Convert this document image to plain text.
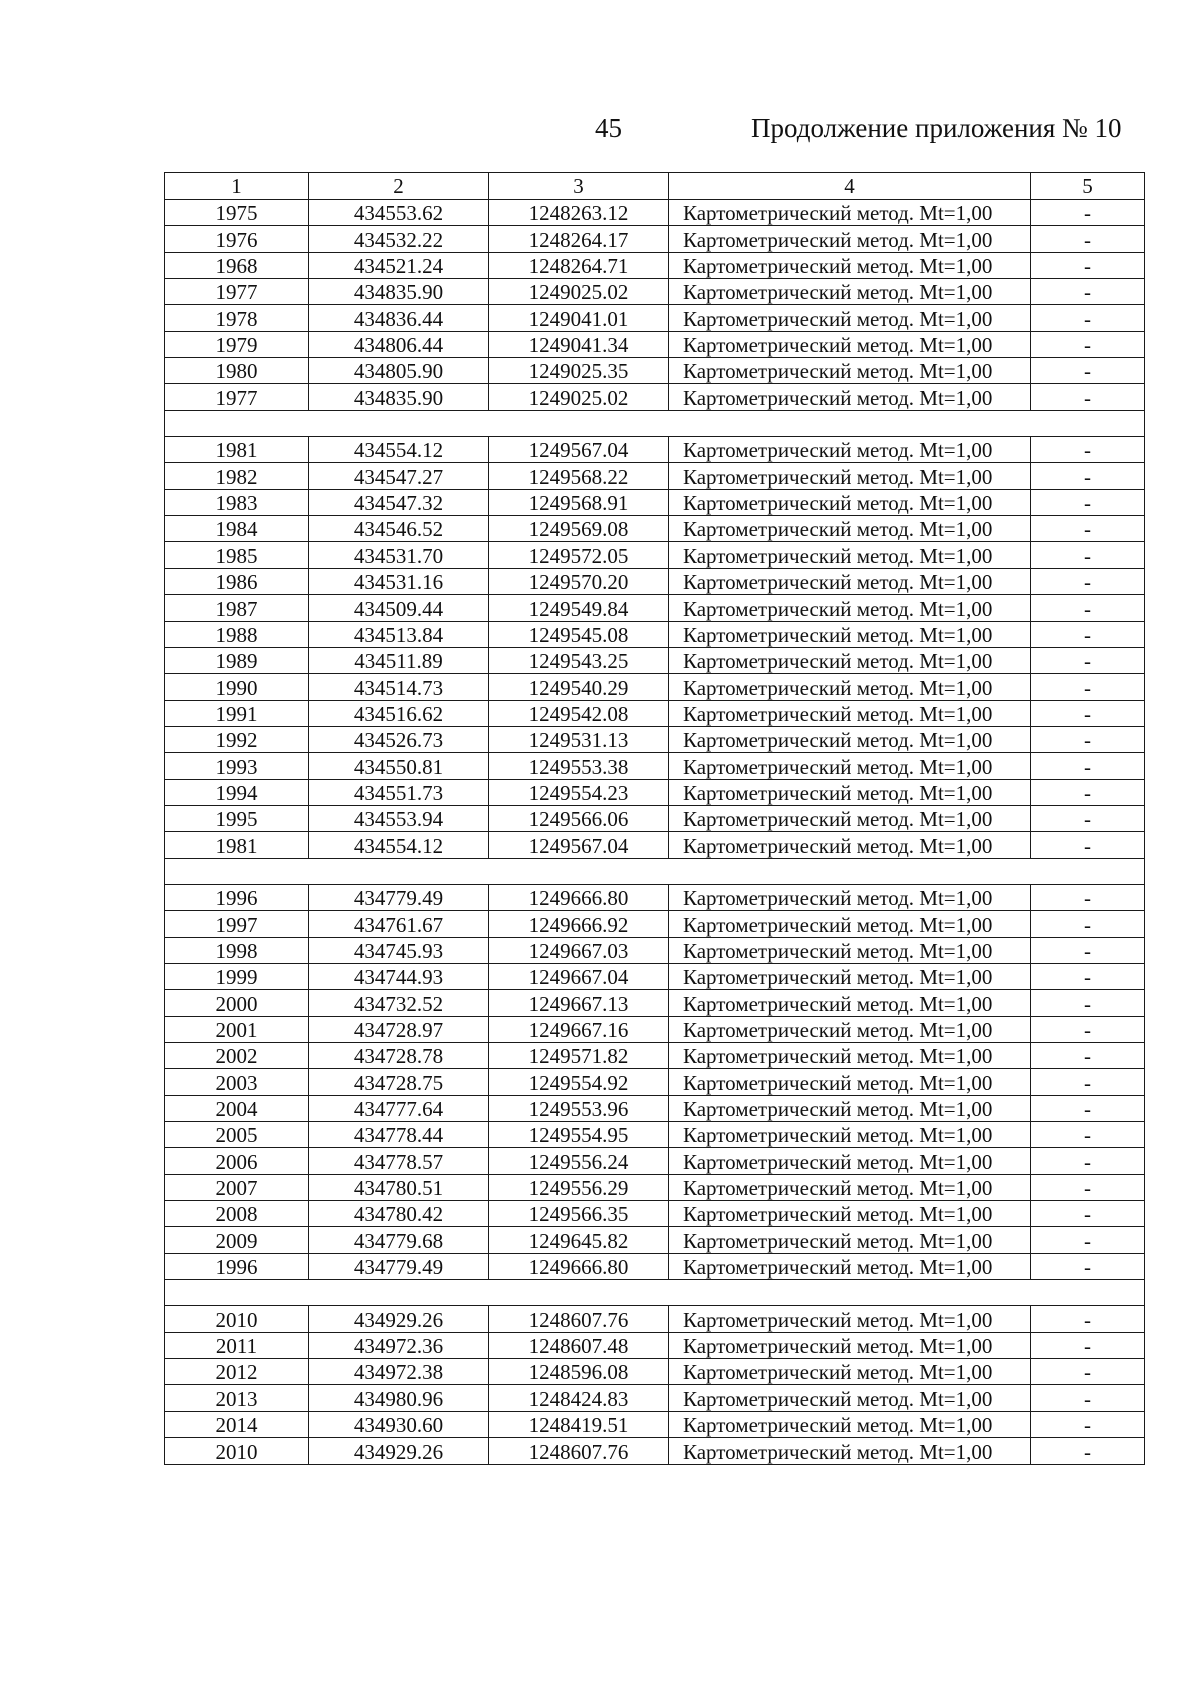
45	Продолжение приложения № 10
1	2	3	4	5
1975	434553.62	1248263.12	Картометрический метод. Mt=1,00	-
1976	434532.22	1248264.17	Картометрический метод. Mt=1,00	-
1968	434521.24	1248264.71	Картометрический метод. Mt=1,00	-
1977	434835.90	1249025.02	Картометрический метод. Mt=1,00	-
1978	434836.44	1249041.01	Картометрический метод. Mt=1,00	-
1979	434806.44	1249041.34	Картометрический метод. Mt=1,00	-
1980	434805.90	1249025.35	Картометрический метод. Mt=1,00	-
1977	434835.90	1249025.02	Картометрический метод. Mt=1,00	-

1981	434554.12	1249567.04	Картометрический метод. Mt=1,00	-
1982	434547.27	1249568.22	Картометрический метод. Mt=1,00	-
1983	434547.32	1249568.91	Картометрический метод. Mt=1,00	-
1984	434546.52	1249569.08	Картометрический метод. Mt=1,00	-
1985	434531.70	1249572.05	Картометрический метод. Mt=1,00	-
1986	434531.16	1249570.20	Картометрический метод. Mt=1,00	-
1987	434509.44	1249549.84	Картометрический метод. Mt=1,00	-
1988	434513.84	1249545.08	Картометрический метод. Mt=1,00	-
1989	434511.89	1249543.25	Картометрический метод. Mt=1,00	-
1990	434514.73	1249540.29	Картометрический метод. Mt=1,00	-
1991	434516.62	1249542.08	Картометрический метод. Mt=1,00	-
1992	434526.73	1249531.13	Картометрический метод. Mt=1,00	-
1993	434550.81	1249553.38	Картометрический метод. Mt=1,00	-
1994	434551.73	1249554.23	Картометрический метод. Mt=1,00	-
1995	434553.94	1249566.06	Картометрический метод. Mt=1,00	-
1981	434554.12	1249567.04	Картометрический метод. Mt=1,00	-

1996	434779.49	1249666.80	Картометрический метод. Mt=1,00	-
1997	434761.67	1249666.92	Картометрический метод. Mt=1,00	-
1998	434745.93	1249667.03	Картометрический метод. Mt=1,00	-
1999	434744.93	1249667.04	Картометрический метод. Mt=1,00	-
2000	434732.52	1249667.13	Картометрический метод. Mt=1,00	-
2001	434728.97	1249667.16	Картометрический метод. Mt=1,00	-
2002	434728.78	1249571.82	Картометрический метод. Mt=1,00	-
2003	434728.75	1249554.92	Картометрический метод. Mt=1,00	-
2004	434777.64	1249553.96	Картометрический метод. Mt=1,00	-
2005	434778.44	1249554.95	Картометрический метод. Mt=1,00	-
2006	434778.57	1249556.24	Картометрический метод. Mt=1,00	-
2007	434780.51	1249556.29	Картометрический метод. Mt=1,00	-
2008	434780.42	1249566.35	Картометрический метод. Mt=1,00	-
2009	434779.68	1249645.82	Картометрический метод. Mt=1,00	-
1996	434779.49	1249666.80	Картометрический метод. Mt=1,00	-

2010	434929.26	1248607.76	Картометрический метод. Mt=1,00	-
2011	434972.36	1248607.48	Картометрический метод. Mt=1,00	-
2012	434972.38	1248596.08	Картометрический метод. Mt=1,00	-
2013	434980.96	1248424.83	Картометрический метод. Mt=1,00	-
2014	434930.60	1248419.51	Картометрический метод. Mt=1,00	-
2010	434929.26	1248607.76	Картометрический метод. Mt=1,00	-
